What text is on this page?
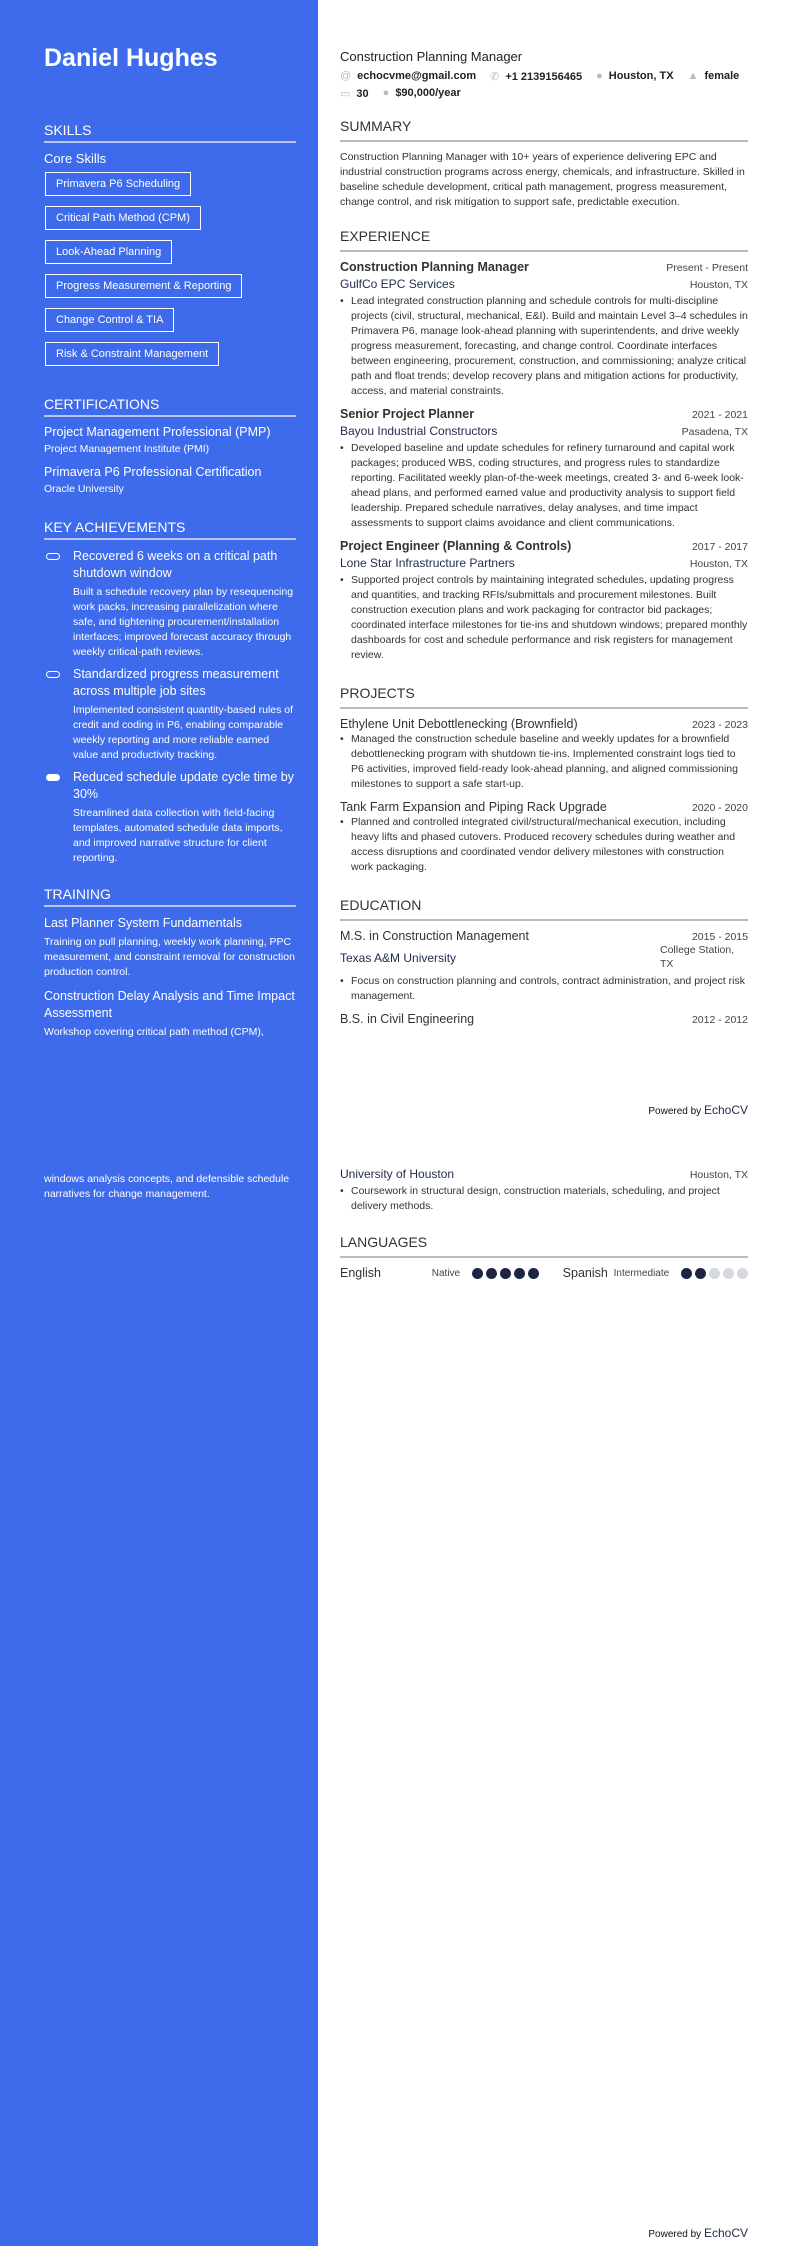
Daniel Hughes
SKILLS
Core Skills
Primavera P6 Scheduling
Critical Path Method (CPM)
Look-Ahead Planning
Progress Measurement & Reporting
Change Control & TIA
Risk & Constraint Management
CERTIFICATIONS
Project Management Professional (PMP)
Project Management Institute (PMI)
Primavera P6 Professional Certification
Oracle University
KEY ACHIEVEMENTS
Recovered 6 weeks on a critical path shutdown window
Built a schedule recovery plan by resequencing work packs, increasing parallelization where safe, and tightening procurement/installation interfaces; improved forecast accuracy through weekly critical-path reviews.
Standardized progress measurement across multiple job sites
Implemented consistent quantity-based rules of credit and coding in P6, enabling comparable weekly reporting and more reliable earned value and productivity tracking.
Reduced schedule update cycle time by 30%
Streamlined data collection with field-facing templates, automated schedule data imports, and improved narrative structure for client reporting.
TRAINING
Last Planner System Fundamentals
Training on pull planning, weekly work planning, PPC measurement, and constraint removal for construction production control.
Construction Delay Analysis and Time Impact Assessment
Workshop covering critical path method (CPM),
windows analysis concepts, and defensible schedule narratives for change management.
Construction Planning Manager
@ echocvme@gmail.com ✆ +1 2139156465 ● Houston, TX ▲ female
▭ 30 ● $90,000/year
SUMMARY
Construction Planning Manager with 10+ years of experience delivering EPC and industrial construction programs across energy, chemicals, and infrastructure. Skilled in baseline schedule development, critical path management, progress measurement, change control, and risk mitigation to support safe, predictable execution.
EXPERIENCE
Construction Planning Manager	Present - Present
GulfCo EPC Services	Houston, TX
• Lead integrated construction planning and schedule controls for multi-discipline projects (civil, structural, mechanical, E&I). Build and maintain Level 3–4 schedules in Primavera P6, manage look-ahead planning with superintendents, and drive weekly progress measurement, forecasting, and change control. Coordinate interfaces between engineering, procurement, construction, and commissioning; analyze critical path and float trends; develop recovery plans and mitigation actions for productivity, access, and material constraints.
Senior Project Planner	2021 - 2021
Bayou Industrial Constructors	Pasadena, TX
• Developed baseline and update schedules for refinery turnaround and capital work packages; produced WBS, coding structures, and progress rules to standardize reporting. Facilitated weekly plan-of-the-week meetings, created 3- and 6-week look-ahead plans, and performed earned value and productivity analysis to support field leadership. Prepared schedule narratives, delay analyses, and time impact assessments to support claims avoidance and client communications.
Project Engineer (Planning & Controls)	2017 - 2017
Lone Star Infrastructure Partners	Houston, TX
• Supported project controls by maintaining integrated schedules, updating progress and quantities, and tracking RFIs/submittals and procurement milestones. Built construction execution plans and work packaging for contractor bid packages; coordinated interface milestones for tie-ins and shutdown windows; prepared monthly dashboards for cost and schedule performance and risk registers for management review.
PROJECTS
Ethylene Unit Debottlenecking (Brownfield)	2023 - 2023
• Managed the construction schedule baseline and weekly updates for a brownfield debottlenecking program with shutdown tie-ins. Implemented constraint logs tied to P6 activities, improved field-ready look-ahead planning, and aligned commissioning milestones to support a safe start-up.
Tank Farm Expansion and Piping Rack Upgrade	2020 - 2020
• Planned and controlled integrated civil/structural/mechanical execution, including heavy lifts and phased cutovers. Produced recovery schedules during weather and access disruptions and coordinated vendor delivery milestones with construction work packaging.
EDUCATION
M.S. in Construction Management	2015 - 2015
Texas A&M University
College Station, TX
• Focus on construction planning and controls, contract administration, and project risk management.
B.S. in Civil Engineering	2012 - 2012
Powered by EchoCV
University of Houston	Houston, TX
• Coursework in structural design, construction materials, scheduling, and project delivery methods.
LANGUAGES
English	Native	Spanish Intermediate
Powered by EchoCV
